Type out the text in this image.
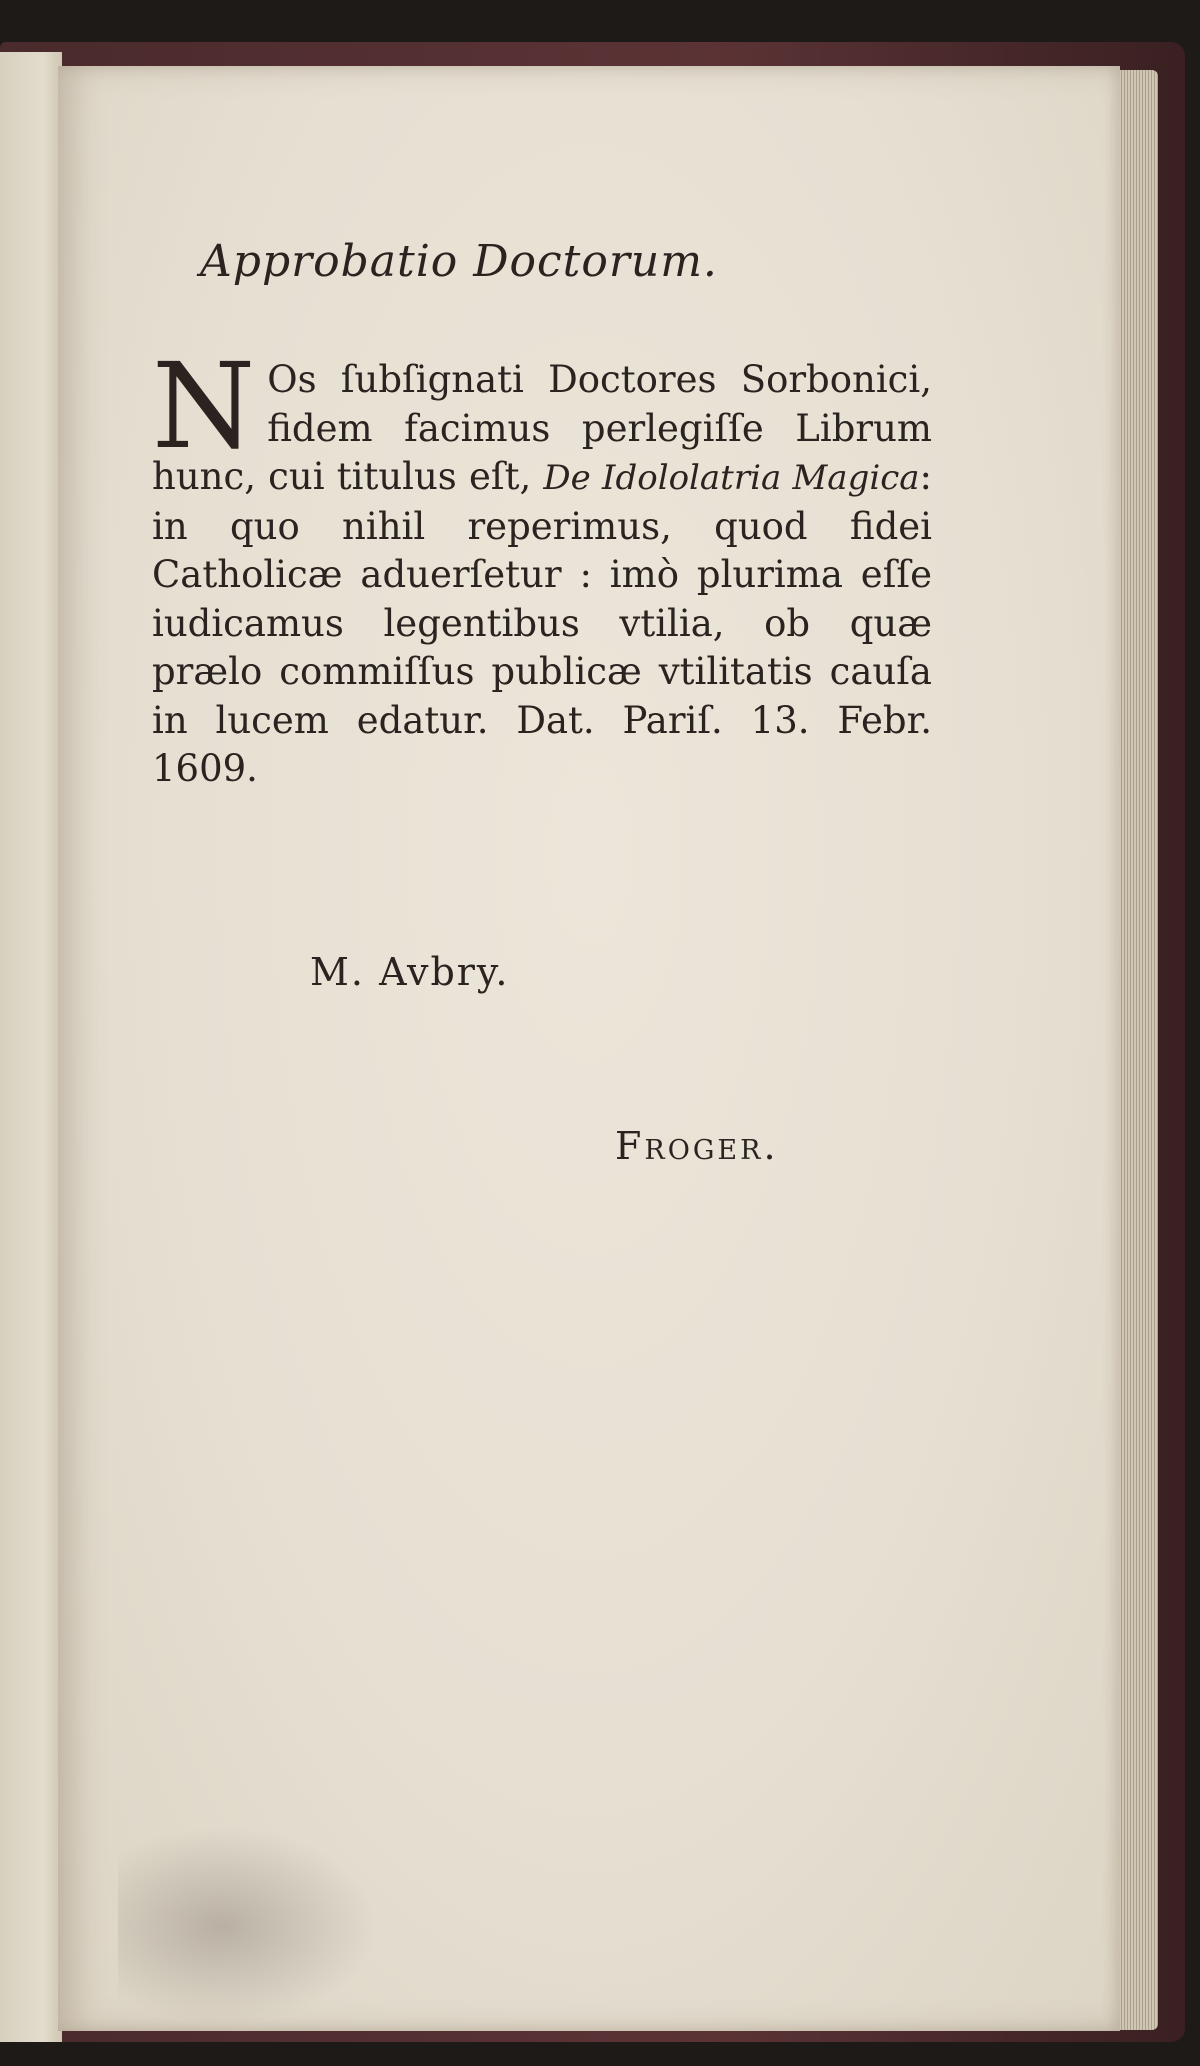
Approbatio Doctorum.
N Os ſubſignati Doctores Sorbonici, fidem facimus perlegiſſe Librum hunc, cui titulus eſt, De Idololatria Magica: in quo nihil reperimus, quod fidei Catholicæ aduerſetur : imò plurima eſſe iudicamus legentibus vtilia, ob quæ prælo commiſſus publicæ vtilitatis cauſa in lucem edatur. Dat. Pariſ. 13. Febr. 1609.
M. Avbry.
Froger.
